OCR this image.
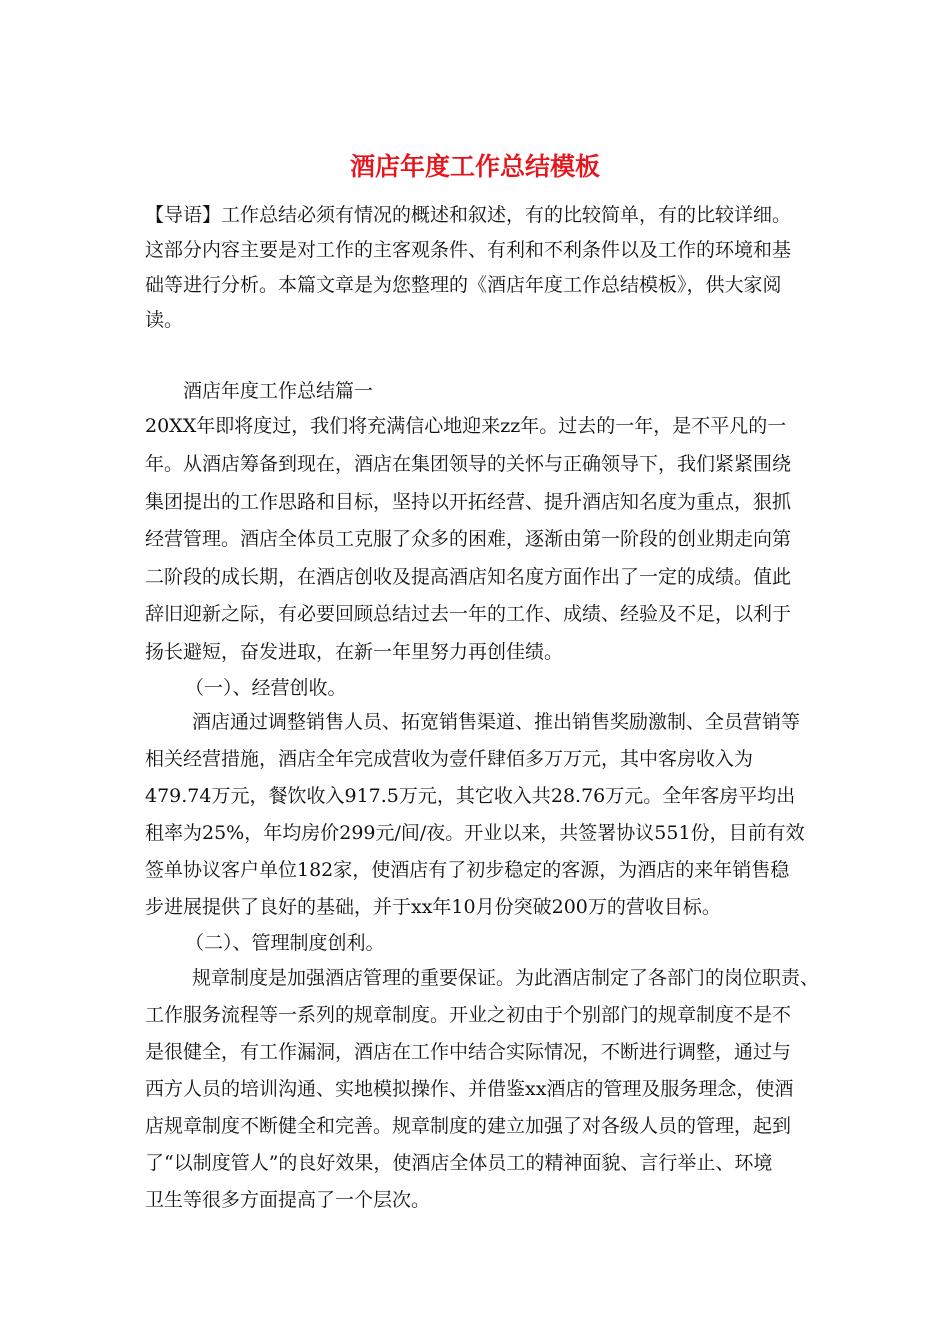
酒店年度工作总结模板

【导语】工作总结必须有情况的概述和叙述，有的比较简单，有的比较详细。

这部分内容主要是对工作的主客观条件、有利和不利条件以及工作的环境和基

础等进行分析。本篇文章是为您整理的《酒店年度工作总结模板》，供大家阅

读。

酒店年度工作总结篇一

20XX年即将度过，我们将充满信心地迎来zz年。过去的一年，是不平凡的一

年。从酒店筹备到现在，酒店在集团领导的关怀与正确领导下，我们紧紧围绕

集团提出的工作思路和目标，坚持以开拓经营、提升酒店知名度为重点，狠抓

经营管理。酒店全体员工克服了众多的困难，逐渐由第一阶段的创业期走向第

二阶段的成长期，在酒店创收及提高酒店知名度方面作出了一定的成绩。值此

辞旧迎新之际，有必要回顾总结过去一年的工作、成绩、经验及不足，以利于

扬长避短，奋发进取，在新一年里努力再创佳绩。

（一）、经营创收。

酒店通过调整销售人员、拓宽销售渠道、推出销售奖励激制、全员营销等

相关经营措施，酒店全年完成营收为壹仟肆佰多万万元，其中客房收入为

479.74万元，餐饮收入917.5万元，其它收入共28.76万元。全年客房平均出

租率为25%，年均房价299元/间/夜。开业以来，共签署协议551份，目前有效

签单协议客户单位182家，使酒店有了初步稳定的客源，为酒店的来年销售稳

步进展提供了良好的基础，并于xx年10月份突破200万的营收目标。

（二）、管理制度创利。

规章制度是加强酒店管理的重要保证。为此酒店制定了各部门的岗位职责、

工作服务流程等一系列的规章制度。开业之初由于个别部门的规章制度不是不

是很健全，有工作漏洞，酒店在工作中结合实际情况，不断进行调整，通过与

西方人员的培训沟通、实地模拟操作、并借鉴xx酒店的管理及服务理念，使酒

店规章制度不断健全和完善。规章制度的建立加强了对各级人员的管理，起到

了“以制度管人”的良好效果，使酒店全体员工的精神面貌、言行举止、环境

卫生等很多方面提高了一个层次。
